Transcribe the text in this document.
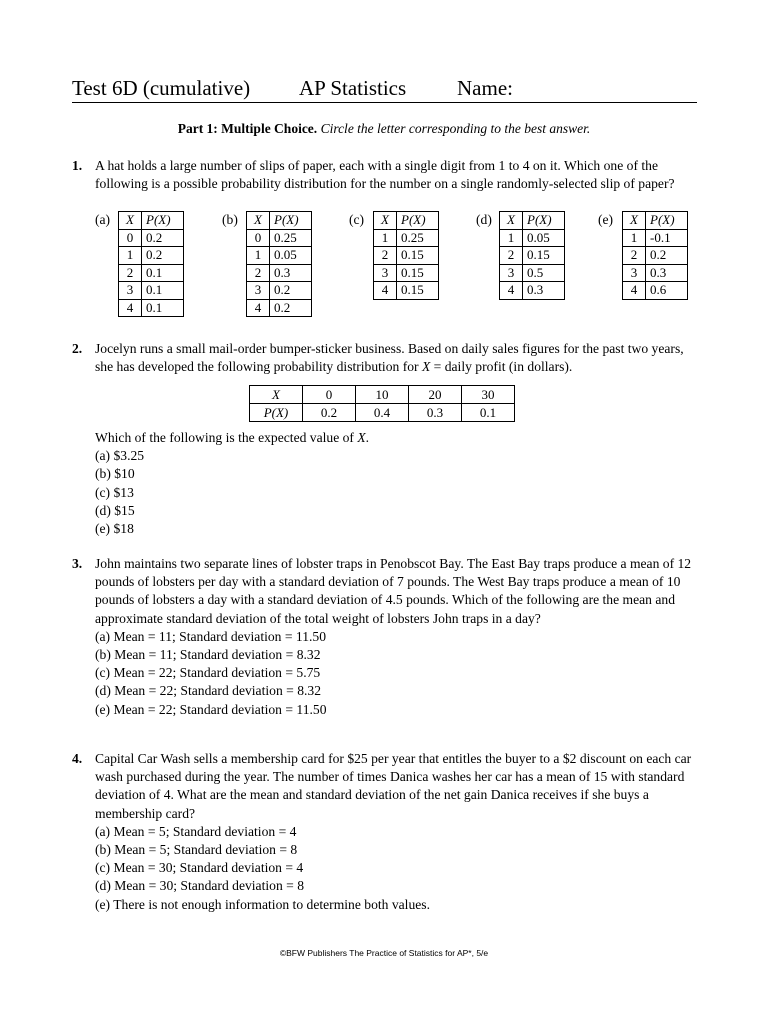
Test 6D (cumulative) AP Statistics Name:
Part 1: Multiple Choice. Circle the letter corresponding to the best answer.
1. A hat holds a large number of slips of paper, each with a single digit from 1 to 4 on it. Which one of the following is a possible probability distribution for the number on a single randomly-selected slip of paper?
(a) X	P(X)
0	0.2
1	0.2
2	0.1
3	0.1
4	0.1
(b) X	P(X)
0	0.25
1	0.05
2	0.3
3	0.2
4	0.2
(c) X	P(X)
1	0.25
2	0.15
3	0.15
4	0.15
(d) X	P(X)
1	0.05
2	0.15
3	0.5
4	0.3
(e) X	P(X)
1	-0.1
2	0.2
3	0.3
4	0.6
2. Jocelyn runs a small mail-order bumper-sticker business. Based on daily sales figures for the past two years, she has developed the following probability distribution for X = daily profit (in dollars).
X	0	10	20	30
P(X)	0.2	0.4	0.3	0.1
Which of the following is the expected value of X.
(a) $3.25
(b) $10
(c) $13
(d) $15
(e) $18
3. John maintains two separate lines of lobster traps in Penobscot Bay. The East Bay traps produce a mean of 12 pounds of lobsters per day with a standard deviation of 7 pounds. The West Bay traps produce a mean of 10 pounds of lobsters a day with a standard deviation of 4.5 pounds. Which of the following are the mean and approximate standard deviation of the total weight of lobsters John traps in a day?
(a) Mean = 11; Standard deviation = 11.50
(b) Mean = 11; Standard deviation = 8.32
(c) Mean = 22; Standard deviation = 5.75
(d) Mean = 22; Standard deviation = 8.32
(e) Mean = 22; Standard deviation = 11.50
4. Capital Car Wash sells a membership card for $25 per year that entitles the buyer to a $2 discount on each car wash purchased during the year. The number of times Danica washes her car has a mean of 15 with standard deviation of 4. What are the mean and standard deviation of the net gain Danica receives if she buys a membership card?
(a) Mean = 5; Standard deviation = 4
(b) Mean = 5; Standard deviation = 8
(c) Mean = 30; Standard deviation = 4
(d) Mean = 30; Standard deviation = 8
(e) There is not enough information to determine both values.
©BFW Publishers The Practice of Statistics for AP*, 5/e
